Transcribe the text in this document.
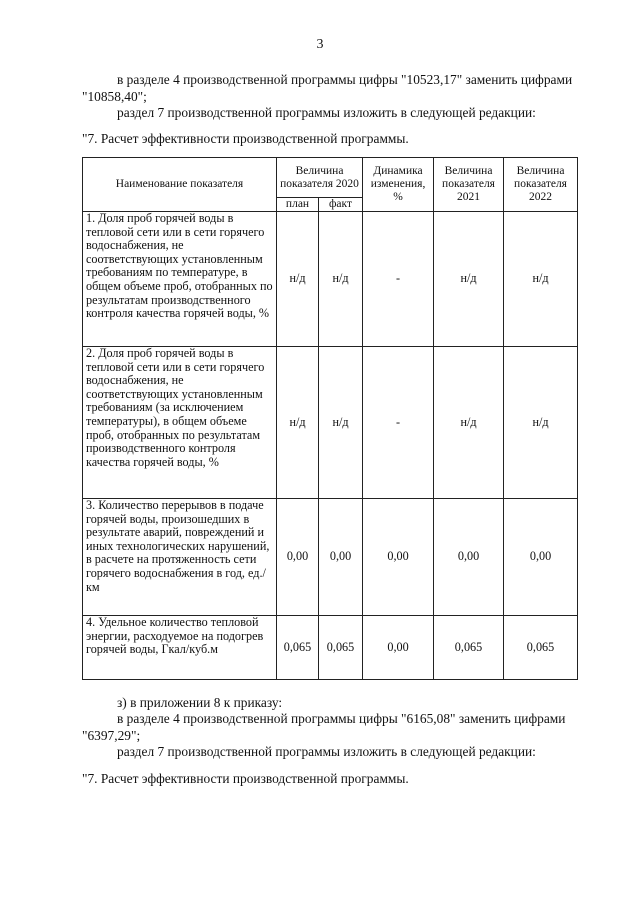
3
в разделе 4 производственной программы цифры "10523,17" заменить цифрами
"10858,40";
раздел 7 производственной программы изложить в следующей редакции:
"7. Расчет эффективности производственной программы.
Наименование показателя	Величина показателя 2020		Динамика изменения, %	Величина показателя 2021	Величина показателя 2022
	план	факт			
1. Доля проб горячей воды в тепловой сети или в сети горячего водоснабжения, не соответствующих установленным требованиям по температуре, в общем объеме проб, отобранных по результатам производственного контроля качества горячей воды, %	н/д	н/д	-	н/д	н/д
2. Доля проб горячей воды в тепловой сети или в сети горячего водоснабжения, не соответствующих установленным требованиям (за исключением температуры), в общем объеме проб, отобранных по результатам производственного контроля качества горячей воды, %	н/д	н/д	-	н/д	н/д
3. Количество перерывов в подаче горячей воды, произошедших в результате аварий, повреждений и иных технологических нарушений, в расчете на протяженность сети горячего водоснабжения в год, ед./км	0,00	0,00	0,00	0,00	0,00
4. Удельное количество тепловой энергии, расходуемое на подогрев горячей воды, Гкал/куб.м	0,065	0,065	0,00	0,065	0,065
з) в приложении 8 к приказу:
в разделе 4 производственной программы цифры "6165,08" заменить цифрами
"6397,29";
раздел 7 производственной программы изложить в следующей редакции:
"7. Расчет эффективности производственной программы.
